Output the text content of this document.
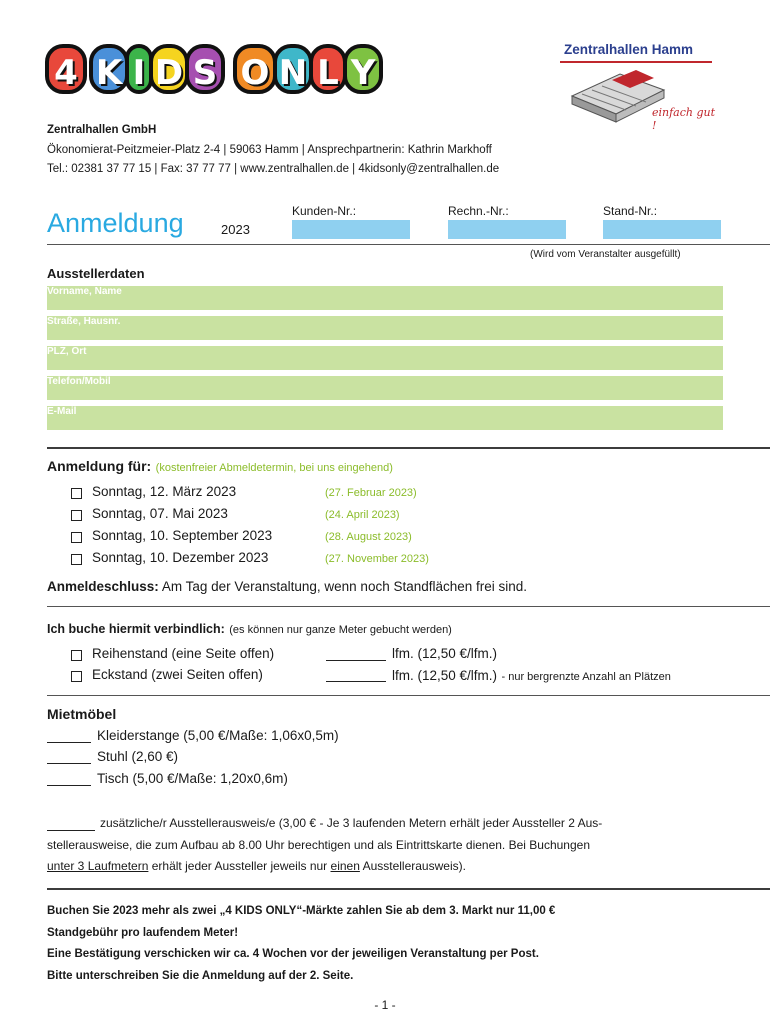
4 K I D S O N L Y
Zentralhallen Hamm
einfach gut !
Zentralhallen GmbH
Ökonomierat-Peitzmeier-Platz 2-4 | 59063 Hamm | Ansprechpartnerin: Kathrin Markhoff
Tel.: 02381 37 77 15 | Fax: 37 77 77 | www.zentralhallen.de | 4kidsonly@zentralhallen.de
Anmeldung	2023
Kunden-Nr.:	Rechn.-Nr.:	Stand-Nr.:
(Wird vom Veranstalter ausgefüllt)
Ausstellerdaten
Vorname, Name
Straße, Hausnr.
PLZ, Ort
Telefon/Mobil
E-Mail
Anmeldung für: (kostenfreier Abmeldetermin, bei uns eingehend)
Sonntag, 12. März 2023	(27. Februar 2023)
Sonntag, 07. Mai 2023	(24. April 2023)
Sonntag, 10. September 2023	(28. August 2023)
Sonntag, 10. Dezember 2023	(27. November 2023)
Anmeldeschluss: Am Tag der Veranstaltung, wenn noch Standflächen frei sind.
Ich buche hiermit verbindlich: (es können nur ganze Meter gebucht werden)
Reihenstand (eine Seite offen)	lfm. (12,50 €/lfm.)
Eckstand (zwei Seiten offen)	lfm. (12,50 €/lfm.) - nur bergrenzte Anzahl an Plätzen
Mietmöbel
Kleiderstange (5,00 €/Maße: 1,06x0,5m)
Stuhl (2,60 €)
Tisch (5,00 €/Maße: 1,20x0,6m)
zusätzliche/r Ausstellerausweis/e (3,00 € - Je 3 laufenden Metern erhält jeder Aussteller 2 Aus-
stellerausweise, die zum Aufbau ab 8.00 Uhr berechtigen und als Eintrittskarte dienen. Bei Buchungen
unter 3 Laufmetern erhält jeder Aussteller jeweils nur einen Ausstellerausweis).
Buchen Sie 2023 mehr als zwei „4 KIDS ONLY“-Märkte zahlen Sie ab dem 3. Markt nur 11,00 €
Standgebühr pro laufendem Meter!
Eine Bestätigung verschicken wir ca. 4 Wochen vor der jeweiligen Veranstaltung per Post.
Bitte unterschreiben Sie die Anmeldung auf der 2. Seite.
- 1 -
